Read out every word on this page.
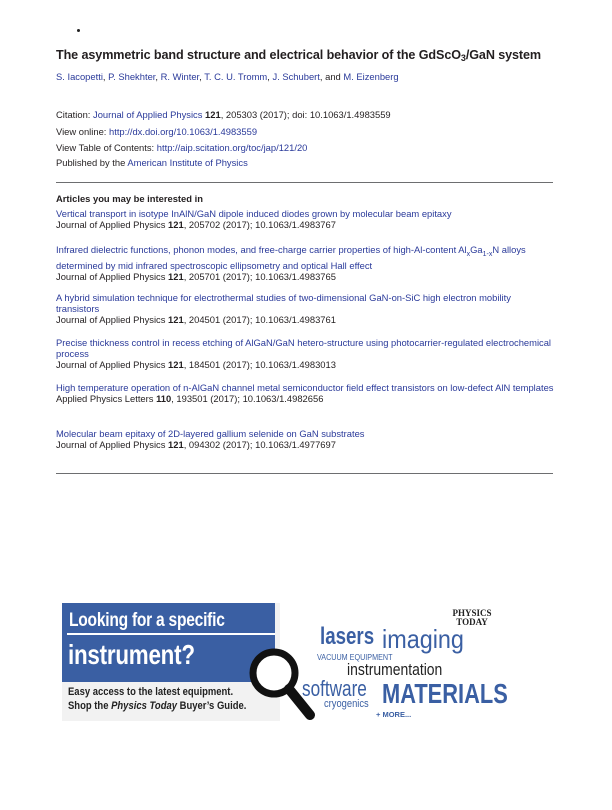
The asymmetric band structure and electrical behavior of the GdScO$_3$/GaN system
S. Iacopetti, P. Shekhter, R. Winter, T. C. U. Tromm, J. Schubert, and M. Eizenberg
Citation: Journal of Applied Physics 121, 205303 (2017); doi: 10.1063/1.4983559
View online: http://dx.doi.org/10.1063/1.4983559
View Table of Contents: http://aip.scitation.org/toc/jap/121/20
Published by the American Institute of Physics
Articles you may be interested in
Vertical transport in isotype InAlN/GaN dipole induced diodes grown by molecular beam epitaxy
Journal of Applied Physics 121, 205702 (2017); 10.1063/1.4983767
Infrared dielectric functions, phonon modes, and free-charge carrier properties of high-Al-content $Al_xGa_{1-x}N$ alloys determined by mid infrared spectroscopic ellipsometry and optical Hall effect
Journal of Applied Physics 121, 205701 (2017); 10.1063/1.4983765
A hybrid simulation technique for electrothermal studies of two-dimensional GaN-on-SiC high electron mobility transistors
Journal of Applied Physics 121, 204501 (2017); 10.1063/1.4983761
Precise thickness control in recess etching of AlGaN/GaN hetero-structure using photocarrier-regulated electrochemical process
Journal of Applied Physics 121, 184501 (2017); 10.1063/1.4983013
High temperature operation of n-AlGaN channel metal semiconductor field effect transistors on low-defect AlN templates
Applied Physics Letters 110, 193501 (2017); 10.1063/1.4982656
Molecular beam epitaxy of 2D-layered gallium selenide on GaN substrates
Journal of Applied Physics 121, 094302 (2017); 10.1063/1.4977697
Looking for a specific
instrument?
Easy access to the latest equipment.
Shop the Physics Today Buyer’s Guide.
lasers imaging
VACUUM EQUIPMENT
instrumentation
software MATERIALS
cryogenics
+ MORE...
PHYSICS
TODAY
